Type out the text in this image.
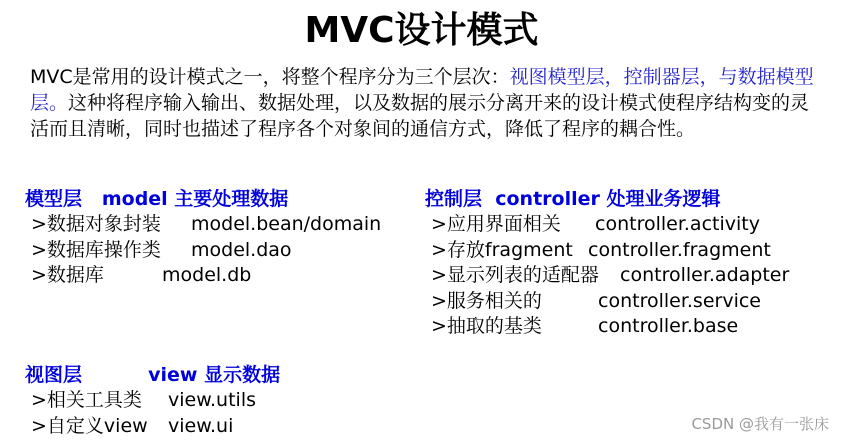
MVC设计模式
MVC是常用的设计模式之一，将整个程序分为三个层次：视图模型层，控制器层，与数据模型层。这种将程序输入输出、数据处理，以及数据的展示分离开来的设计模式使程序结构变的灵活而且清晰，同时也描述了程序各个对象间的通信方式，降低了程序的耦合性。
模型层   model 主要处理数据
>数据对象封装 model.bean/domain
>数据库操作类 model.dao
>数据库	model.db
控制层  controller 处理业务逻辑
>应用界面相关 controller.activity
>存放fragment controller.fragment
>显示列表的适配器 controller.adapter
>服务相关的	controller.service
>抽取的基类	controller.base
视图层          view 显示数据
>相关工具类 view.utils
>自定义view view.ui	CSDN @我有一张床
